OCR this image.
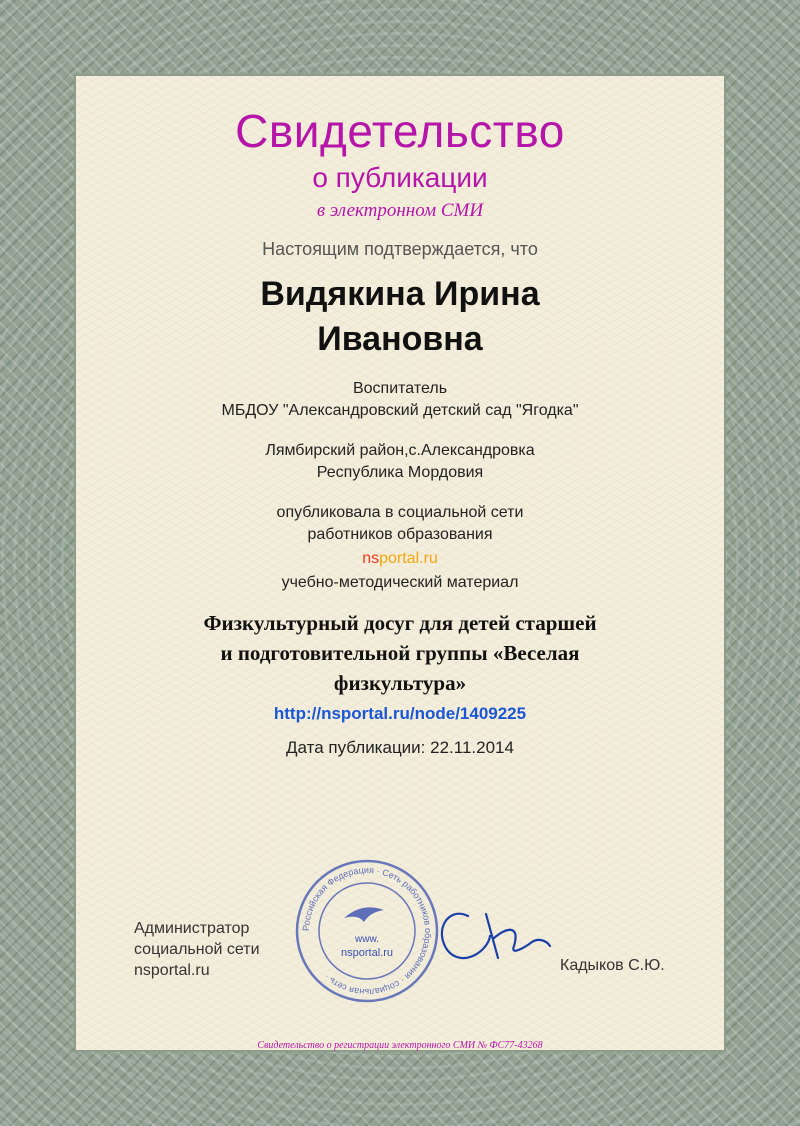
Свидетельство
о публикации
в электронном СМИ
Настоящим подтверждается, что
Видякина Ирина
Ивановна
Воспитатель
МБДОУ "Александровский детский сад "Ягодка"
Лямбирский район,с.Александровка
Республика Мордовия
опубликовала в социальной сети
работников образования
nsportal.ru
учебно-методический материал
Физкультурный досуг для детей старшей
и подготовительной группы «Веселая
физкультура»
http://nsportal.ru/node/1409225
Дата публикации: 22.11.2014
Администратор
социальной сети
nsportal.ru
Российская Федерация · Сеть работников образования · социальная сеть ·
www.
nsportal.ru
Кадыков С.Ю.
Свидетельство о регистрации электронного СМИ № ФС77-43268
